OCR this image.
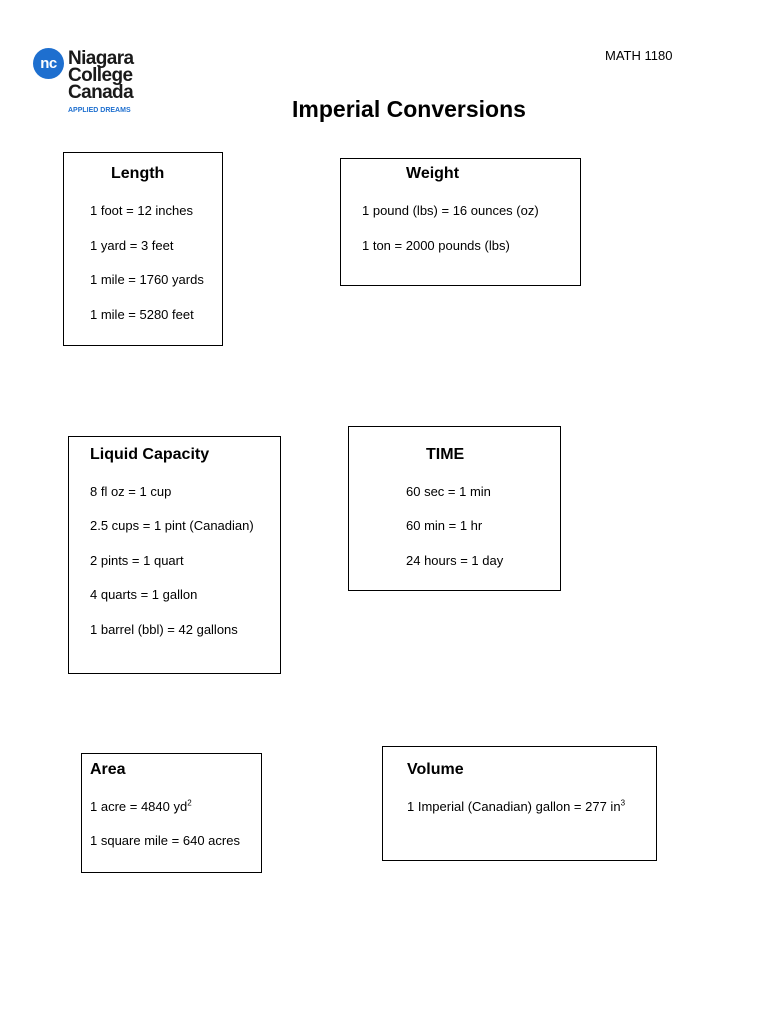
nc Niagara
College
Canada
APPLIED DREAMS
MATH 1180
Imperial Conversions
Length
1 foot = 12 inches
1 yard = 3 feet
1 mile = 1760 yards
1 mile = 5280 feet
Weight
1 pound (lbs) = 16 ounces (oz)
1 ton = 2000 pounds (lbs)
Liquid Capacity
8 fl oz = 1 cup
2.5 cups = 1 pint (Canadian)
2 pints = 1 quart
4 quarts = 1 gallon
1 barrel (bbl) = 42 gallons
TIME
60 sec = 1 min
60 min = 1 hr
24 hours = 1 day
Area
1 acre = 4840 $yd^2$
1 square mile = 640 acres
Volume
1 Imperial (Canadian) gallon = 277 $in^3$
